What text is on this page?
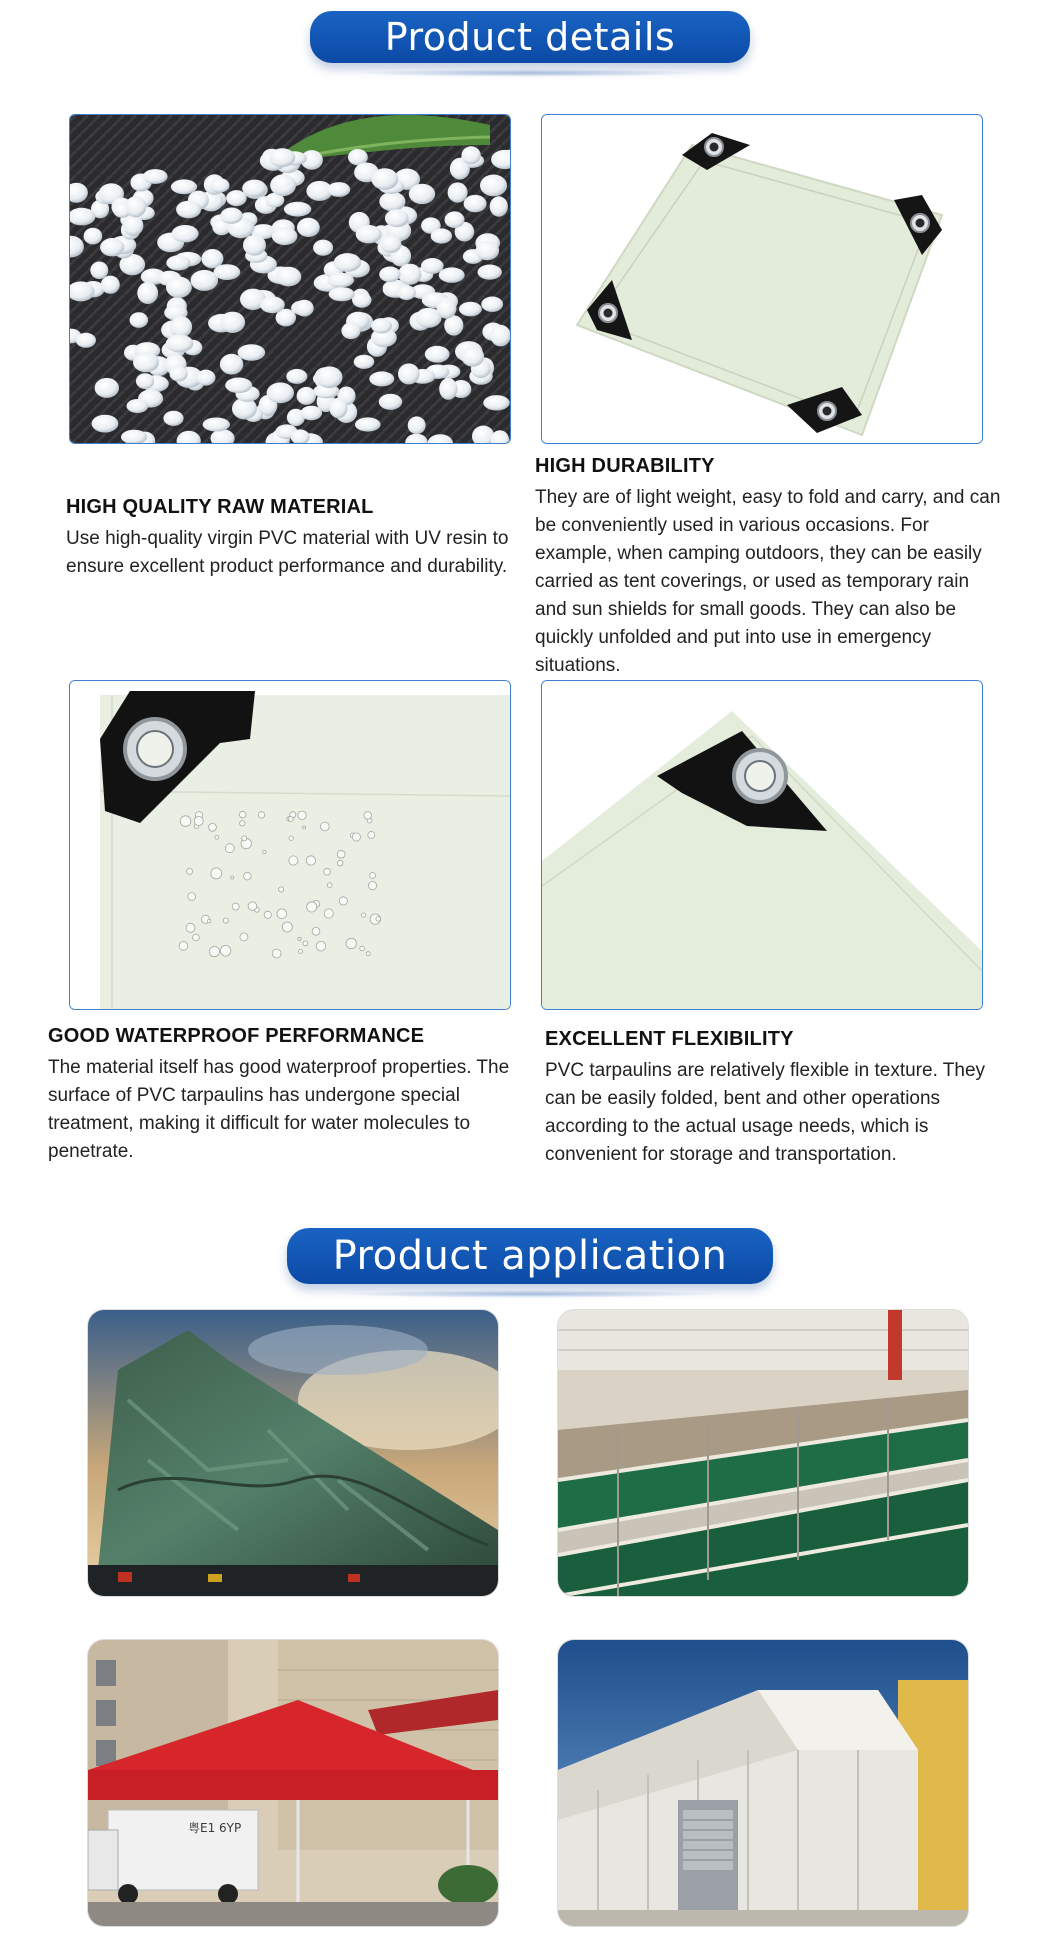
Product details
HIGH QUALITY RAW MATERIAL

Use high-quality virgin PVC material with UV resin to ensure excellent product performance and durability.

HIGH DURABILITY

They are of light weight, easy to fold and carry, and can be conveniently used in various occasions. For example, when camping outdoors, they can be easily carried as tent coverings, or used as temporary rain and sun shields for small goods. They can also be quickly unfolded and put into use in emergency situations.

GOOD WATERPROOF PERFORMANCE

The material itself has good waterproof properties. The surface of PVC tarpaulins has undergone special treatment, making it difficult for water molecules to penetrate.

EXCELLENT FLEXIBILITY

PVC tarpaulins are relatively flexible in texture. They can be easily folded, bent and other operations according to the actual usage needs, which is convenient for storage and transportation.

Product application
粤E1 6YP
